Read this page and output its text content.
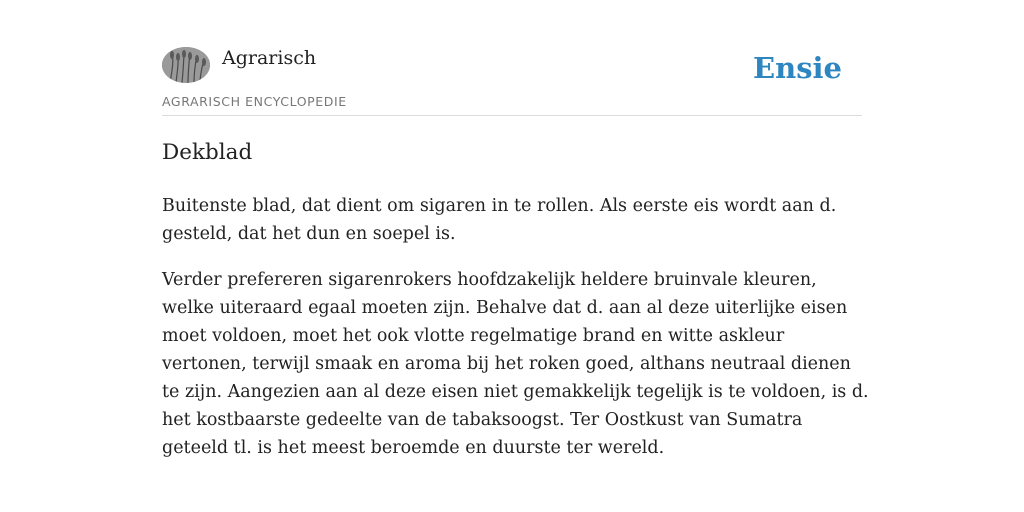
Agrarisch
AGRARISCH ENCYCLOPEDIE
Ensie
Dekblad

Buitenste blad, dat dient om sigaren in te rollen. Als eerste eis wordt aan d. gesteld, dat het dun en soepel is.

Verder prefereren sigarenrokers hoofdzakelijk heldere bruinvale kleuren, welke uiteraard egaal moeten zijn. Behalve dat d. aan al deze uiterlijke eisen moet voldoen, moet het ook vlotte regelmatige brand en witte askleur vertonen, terwijl smaak en aroma bij het roken goed, althans neutraal dienen te zijn. Aangezien aan al deze eisen niet gemakkelijk tegelijk is te voldoen, is d. het kostbaarste gedeelte van de tabaksoogst. Ter Oostkust van Sumatra geteeld tl. is het meest beroemde en duurste ter wereld.
